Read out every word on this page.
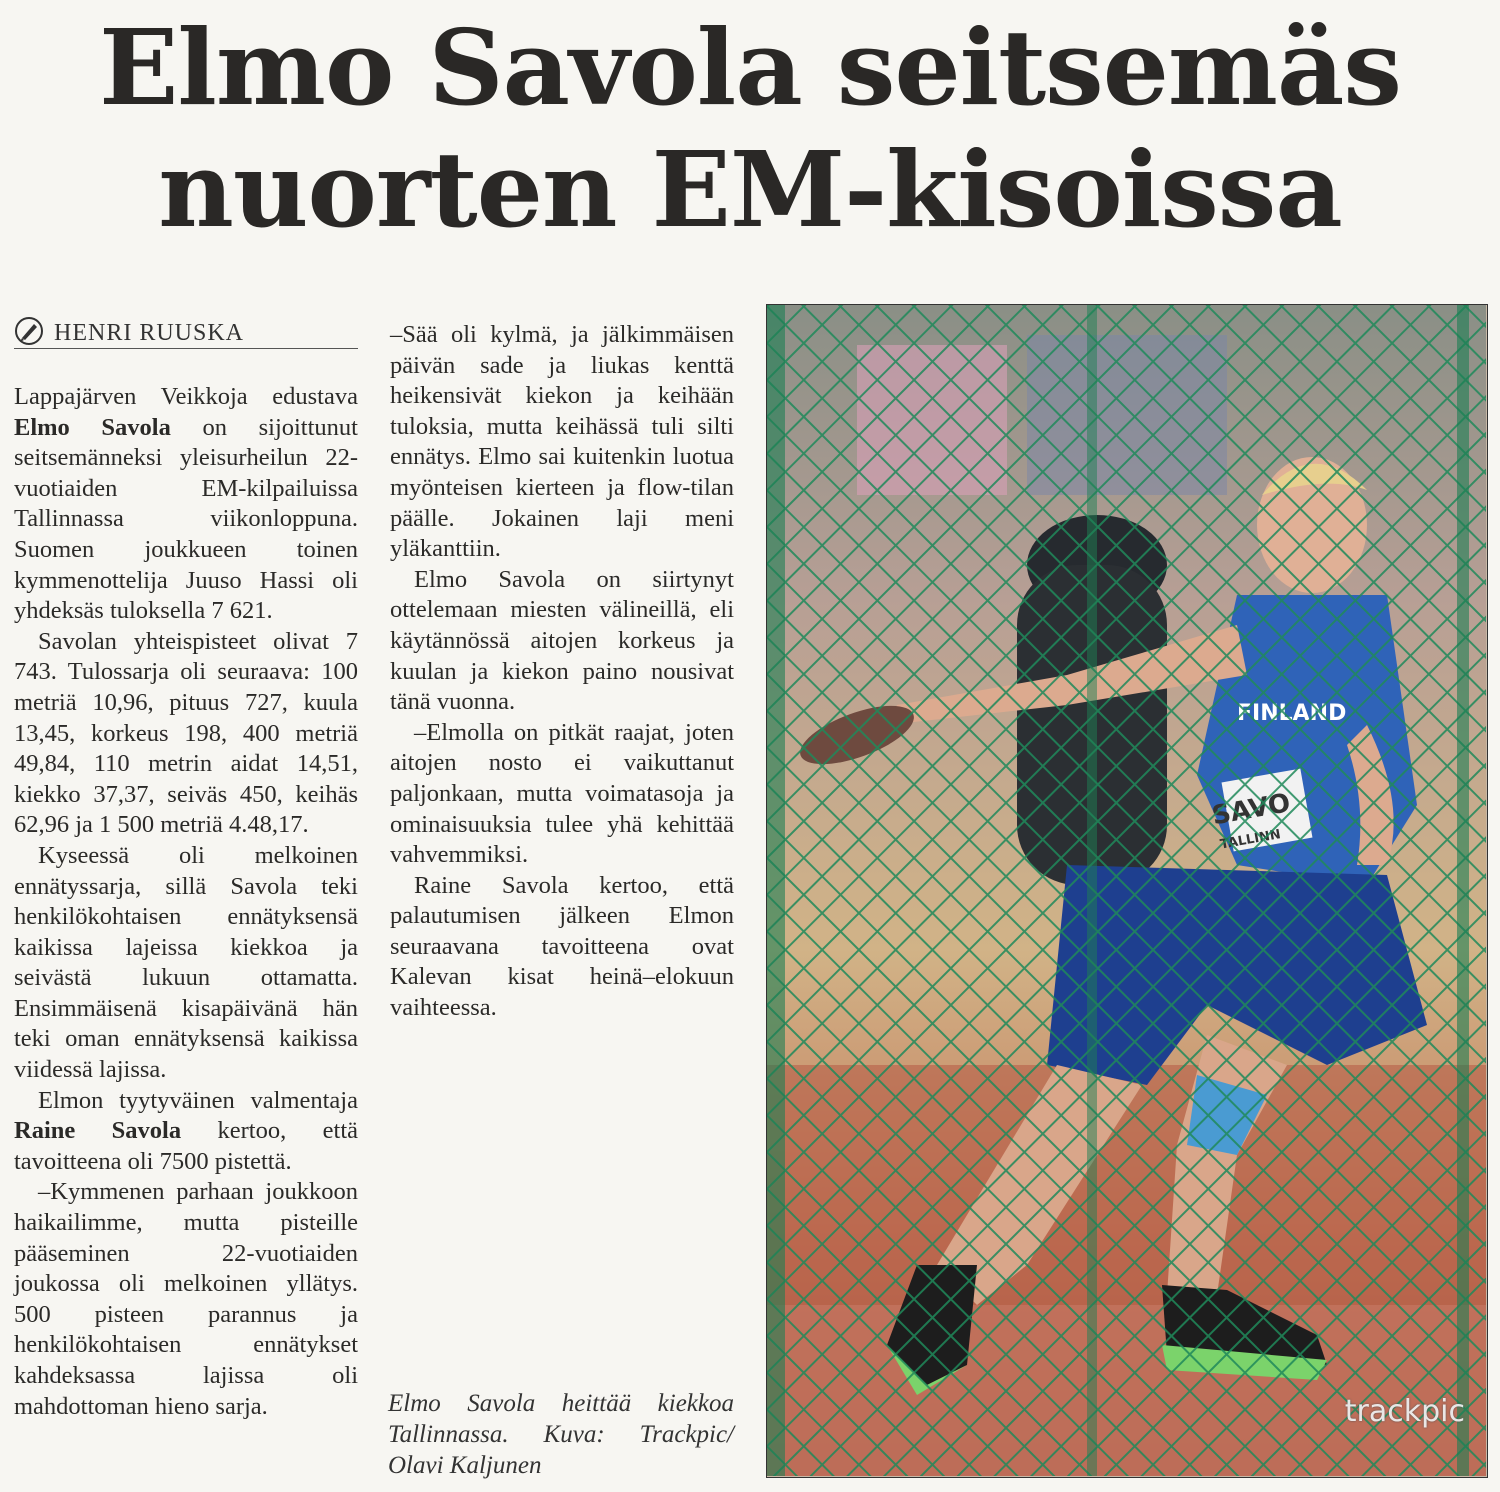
Elmo Savola seitsemäs
nuorten EM-kisoissa
HENRI RUUSKA

Lappajärven Veikkoja edustava Elmo Savola on sijoittunut seitsemänneksi yleisurheilun 22-vuotiaiden EM-kilpailuissa Tallinnassa viikonloppuna. Suomen joukkueen toinen kymmenottelija Juuso Hassi oli yhdeksäs tuloksella 7 621.

Savolan yhteispisteet olivat 7 743. Tulossarja oli seuraava: 100 metriä 10,96, pituus 727, kuula 13,45, korkeus 198, 400 metriä 49,84, 110 metrin aidat 14,51, kiekko 37,37, seiväs 450, keihäs 62,96 ja 1 500 metriä 4.48,17.

Kyseessä oli melkoinen ennätyssarja, sillä Savola teki henkilökohtaisen ennätyksensä kaikissa lajeissa kiekkoa ja seivästä lukuun ottamatta. Ensimmäisenä kisapäivänä hän teki oman ennätyksensä kaikissa viidessä lajissa.

Elmon tyytyväinen valmentaja Raine Savola kertoo, että tavoitteena oli 7500 pistettä.

–Kymmenen parhaan joukkoon haikailimme, mutta pisteille pääseminen 22-vuotiaiden joukossa oli melkoinen yllätys. 500 pisteen parannus ja henkilökohtaisen ennätykset kahdeksassa lajissa oli mahdottoman hieno sarja.

–Sää oli kylmä, ja jälkimmäisen päivän sade ja liukas kenttä heikensivät kiekon ja keihään tuloksia, mutta keihässä tuli silti ennätys. Elmo sai kuitenkin luotua myönteisen kierteen ja flow-tilan päälle. Jokainen laji meni yläkanttiin.

Elmo Savola on siirtynyt ottelemaan miesten välineillä, eli käytännössä aitojen korkeus ja kuulan ja kiekon paino nousivat tänä vuonna.

–Elmolla on pitkät raajat, joten aitojen nosto ei vaikuttanut paljonkaan, mutta voimatasoja ja ominaisuuksia tulee yhä kehittää vahvemmiksi.

Raine Savola kertoo, että palautumisen jälkeen Elmon seuraavana tavoitteena ovat Kalevan kisat heinä–elokuun vaihteessa.

Elmo Savola heittää kiekkoa Tallinnassa. Kuva: Trackpic/ Olavi Kaljunen
trackpic
